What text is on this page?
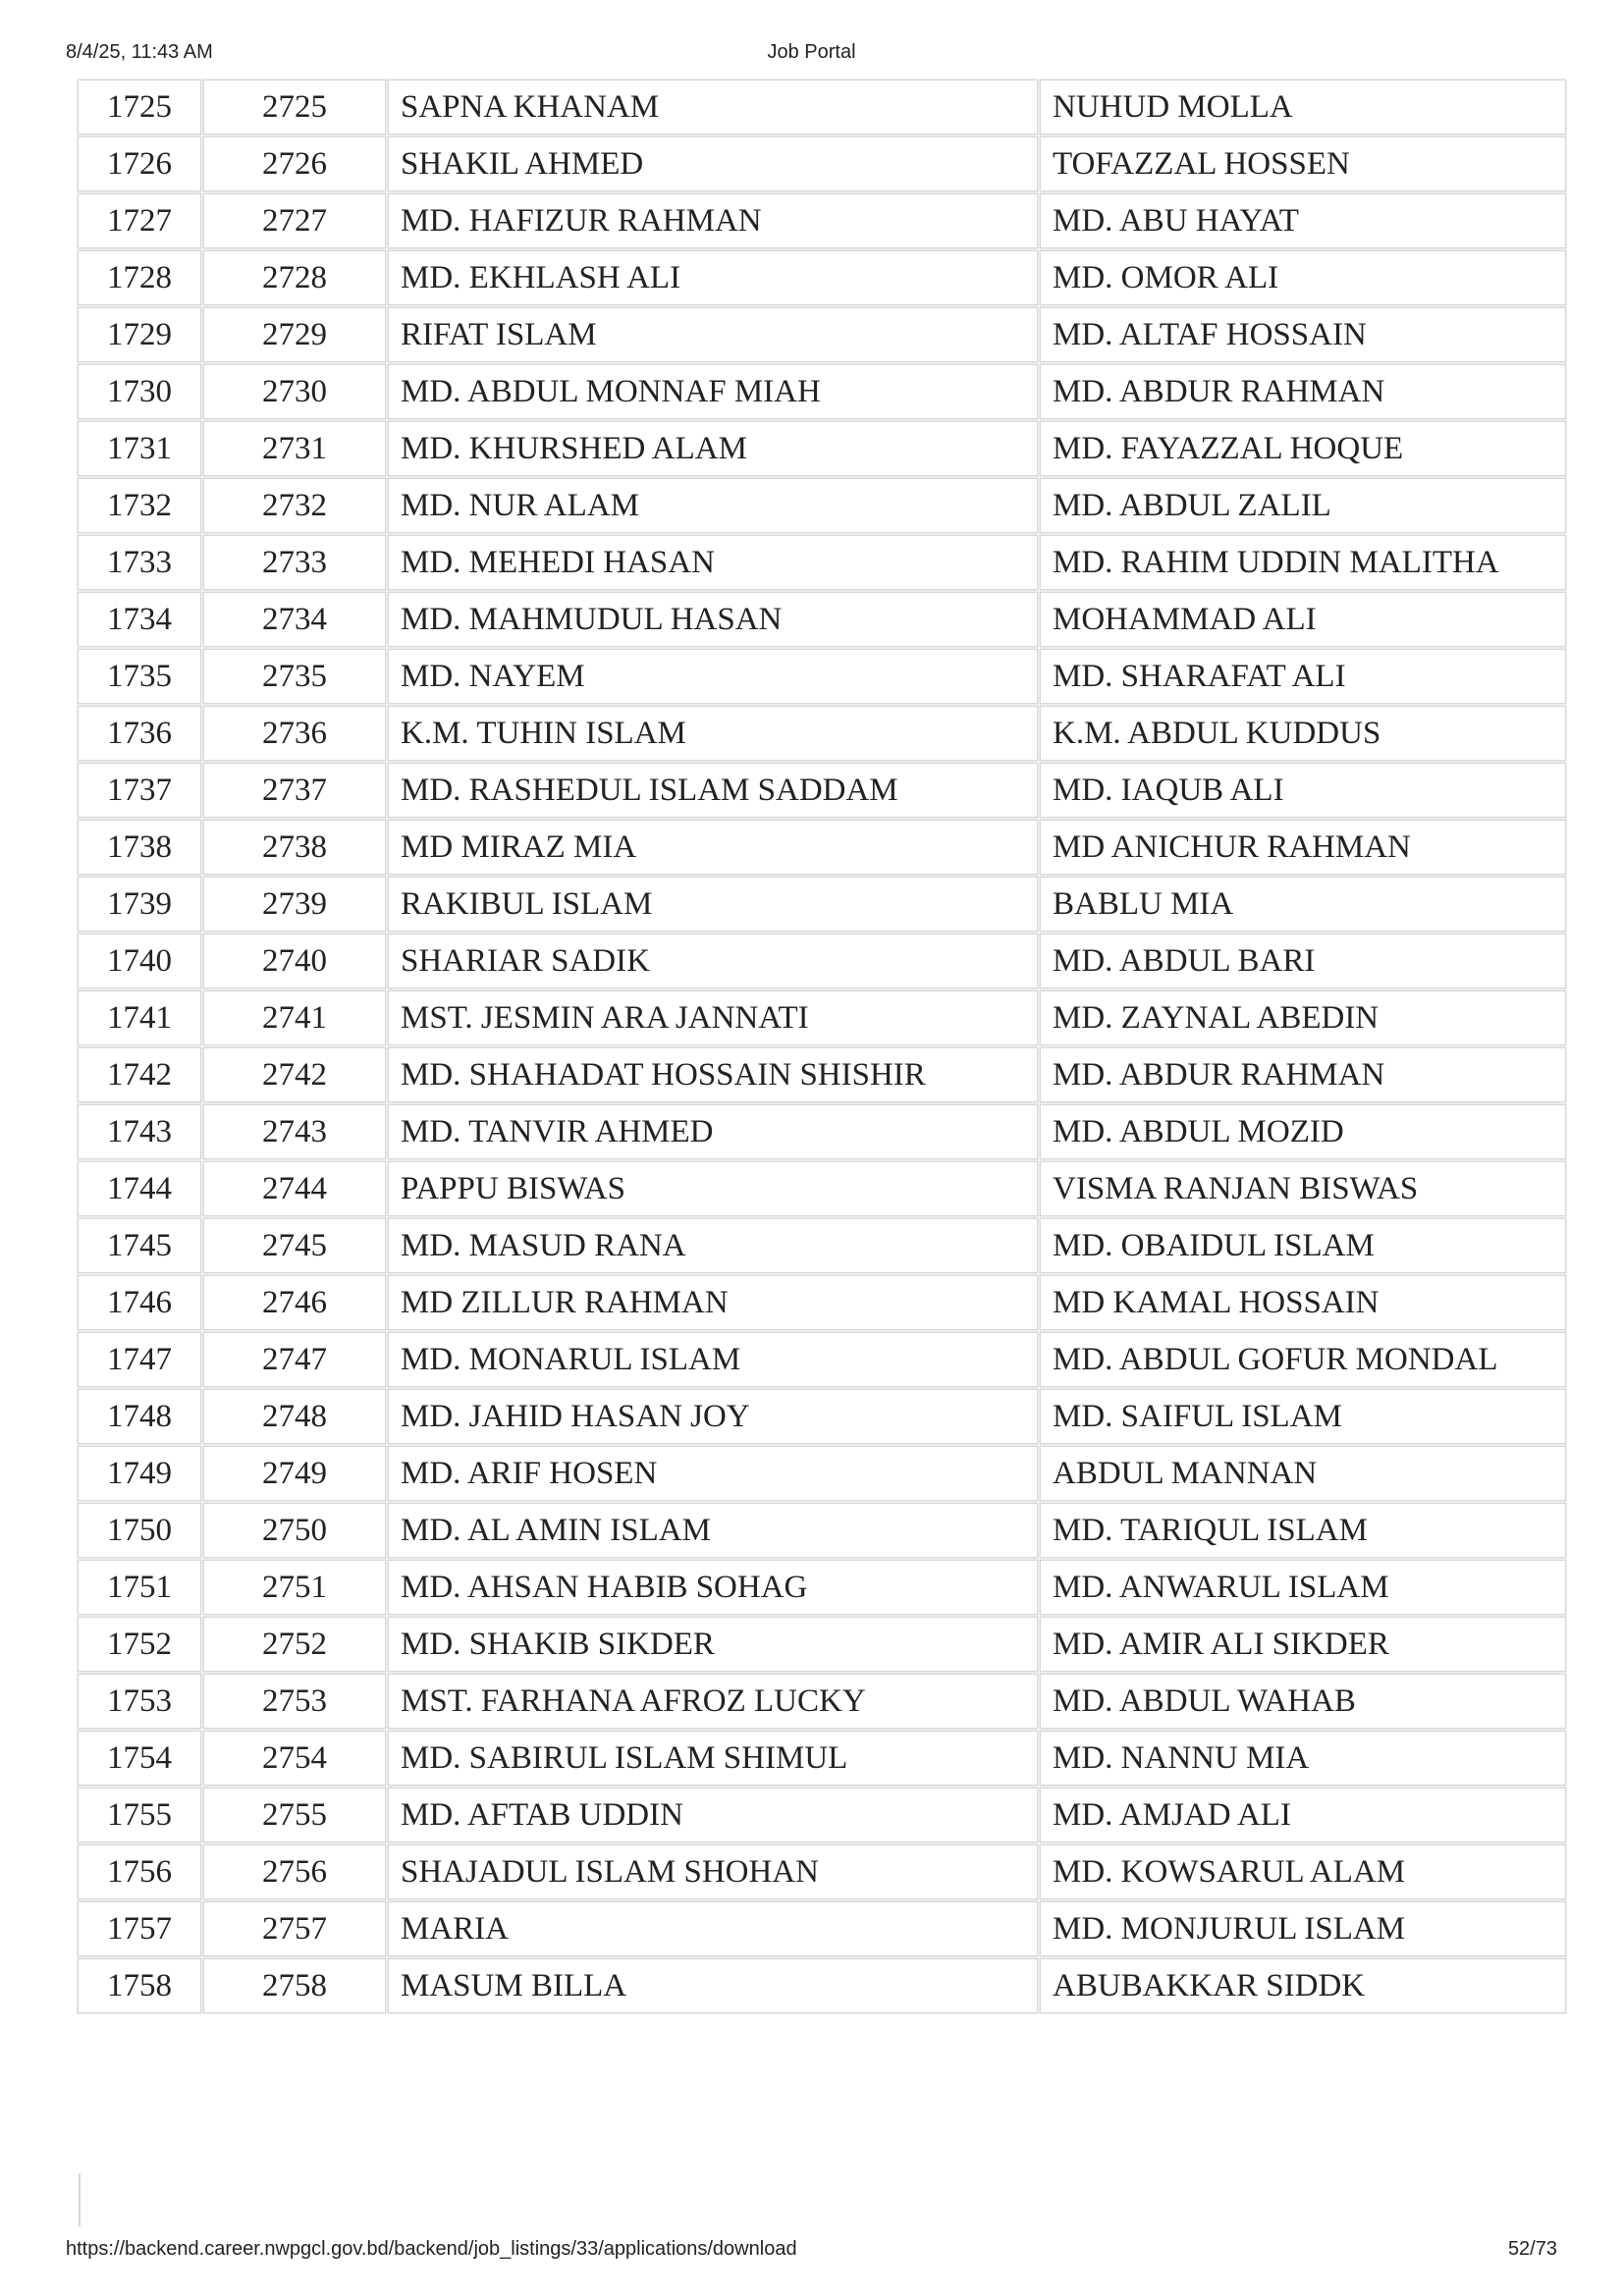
8/4/25, 11:43 AM	Job Portal
1725	2725	SAPNA KHANAM	NUHUD MOLLA
1726	2726	SHAKIL AHMED	TOFAZZAL HOSSEN
1727	2727	MD. HAFIZUR RAHMAN	MD. ABU HAYAT
1728	2728	MD. EKHLASH ALI	MD. OMOR ALI
1729	2729	RIFAT ISLAM	MD. ALTAF HOSSAIN
1730	2730	MD. ABDUL MONNAF MIAH	MD. ABDUR RAHMAN
1731	2731	MD. KHURSHED ALAM	MD. FAYAZZAL HOQUE
1732	2732	MD. NUR ALAM	MD. ABDUL ZALIL
1733	2733	MD. MEHEDI HASAN	MD. RAHIM UDDIN MALITHA
1734	2734	MD. MAHMUDUL HASAN	MOHAMMAD ALI
1735	2735	MD. NAYEM	MD. SHARAFAT ALI
1736	2736	K.M. TUHIN ISLAM	K.M. ABDUL KUDDUS
1737	2737	MD. RASHEDUL ISLAM SADDAM	MD. IAQUB ALI
1738	2738	MD MIRAZ MIA	MD ANICHUR RAHMAN
1739	2739	RAKIBUL ISLAM	BABLU MIA
1740	2740	SHARIAR SADIK	MD. ABDUL BARI
1741	2741	MST. JESMIN ARA JANNATI	MD. ZAYNAL ABEDIN
1742	2742	MD. SHAHADAT HOSSAIN SHISHIR	MD. ABDUR RAHMAN
1743	2743	MD. TANVIR AHMED	MD. ABDUL MOZID
1744	2744	PAPPU BISWAS	VISMA RANJAN BISWAS
1745	2745	MD. MASUD RANA	MD. OBAIDUL ISLAM
1746	2746	MD ZILLUR RAHMAN	MD KAMAL HOSSAIN
1747	2747	MD. MONARUL ISLAM	MD. ABDUL GOFUR MONDAL
1748	2748	MD. JAHID HASAN JOY	MD. SAIFUL ISLAM
1749	2749	MD. ARIF HOSEN	ABDUL MANNAN
1750	2750	MD. AL AMIN ISLAM	MD. TARIQUL ISLAM
1751	2751	MD. AHSAN HABIB SOHAG	MD. ANWARUL ISLAM
1752	2752	MD. SHAKIB SIKDER	MD. AMIR ALI SIKDER
1753	2753	MST. FARHANA AFROZ LUCKY	MD. ABDUL WAHAB
1754	2754	MD. SABIRUL ISLAM SHIMUL	MD. NANNU MIA
1755	2755	MD. AFTAB UDDIN	MD. AMJAD ALI
1756	2756	SHAJADUL ISLAM SHOHAN	MD. KOWSARUL ALAM
1757	2757	MARIA	MD. MONJURUL ISLAM
1758	2758	MASUM BILLA	ABUBAKKAR SIDDK
https://backend.career.nwpgcl.gov.bd/backend/job_listings/33/applications/download	52/73
